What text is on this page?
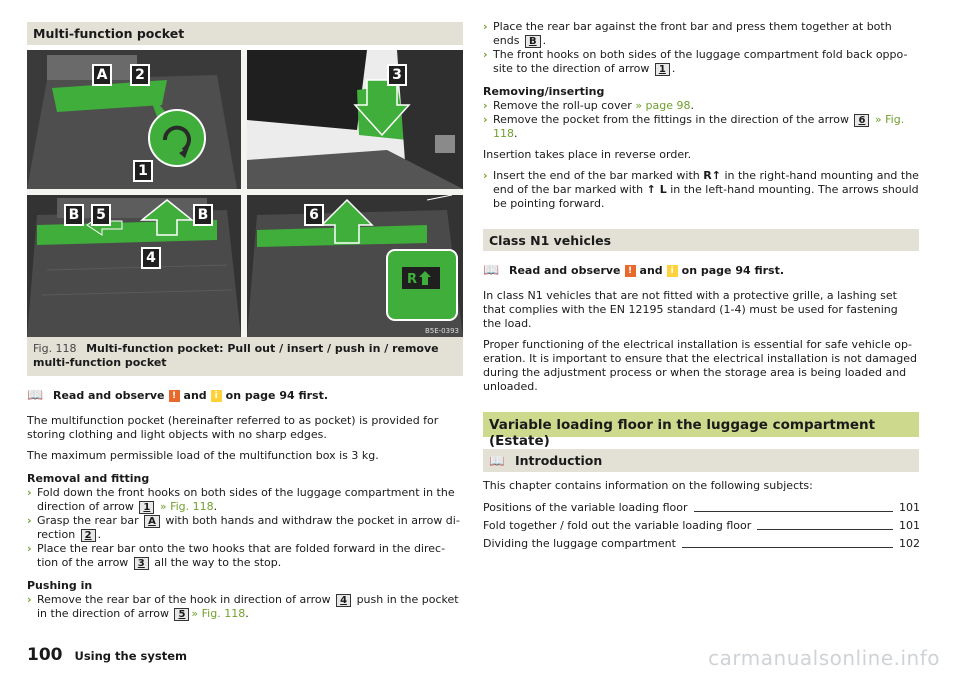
Multi-function pocket
R
B5E-0393
A	2
1
3
B	5	B
4
6
Fig. 118 Multi-function pocket: Pull out / insert / push in / remove multi-function pocket
📖 Read and observe ! and i on page 94 first.
The multifunction pocket (hereinafter referred to as pocket) is provided for storing clothing and light objects with no sharp edges.
The maximum permissible load of the multifunction box is 3 kg.
Removal and fitting
› Fold down the front hooks on both sides of the luggage compartment in the direction of arrow 1 » Fig. 118.
› Grasp the rear bar A with both hands and withdraw the pocket in arrow di-rection 2 .
› Place the rear bar onto the two hooks that are folded forward in the direc-tion of the arrow 3 all the way to the stop.
Pushing in
› Remove the rear bar of the hook in direction of arrow 4 push in the pocket in the direction of arrow 5 » Fig. 118.
› Place the rear bar against the front bar and press them together at both ends B .
› The front hooks on both sides of the luggage compartment fold back oppo-site to the direction of arrow 1 .
Removing/inserting
› Remove the roll-up cover » page 98.
› Remove the pocket from the fittings in the direction of the arrow 6 » Fig. 118.
Insertion takes place in reverse order.
› Insert the end of the bar marked with R↑ in the right-hand mounting and the end of the bar marked with ↑ L in the left-hand mounting. The arrows should be pointing forward.
Class N1 vehicles
📖 Read and observe ! and i on page 94 first.
In class N1 vehicles that are not fitted with a protective grille, a lashing set that complies with the EN 12195 standard (1-4) must be used for fastening the load.
Proper functioning of the electrical installation is essential for safe vehicle op-eration. It is important to ensure that the electrical installation is not damaged during the adjustment process or when the storage area is being loaded and unloaded.
Variable loading floor in the luggage compartment (Estate)
📖 Introduction
This chapter contains information on the following subjects:
Positions of the variable loading floor	101
Fold together / fold out the variable loading floor	101
Dividing the luggage compartment	102
100 Using the system	carmanualsonline.info
